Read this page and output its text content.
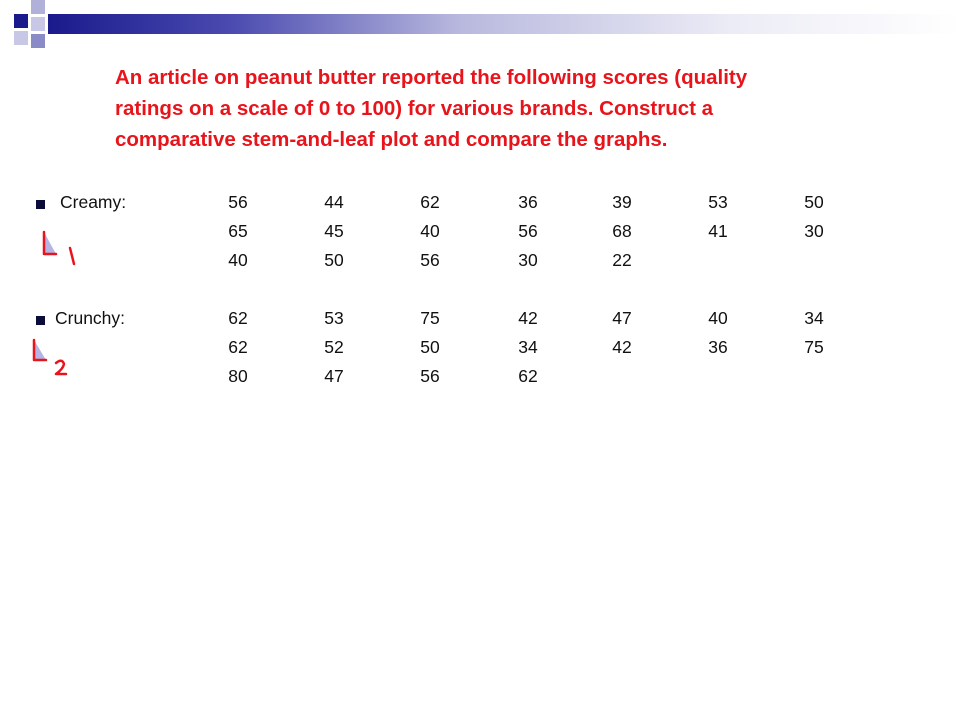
An article on peanut butter reported the following scores (quality
ratings on a scale of 0 to 100) for various brands. Construct a
comparative stem-and-leaf plot and compare the graphs.
Creamy:	56	44	62	36	39	53	50
65	45	40	56	68	41	30
40	50	56	30	22
Crunchy:	62	53	75	42	47	40	34
62	52	50	34	42	36	75
80	47	56	62
